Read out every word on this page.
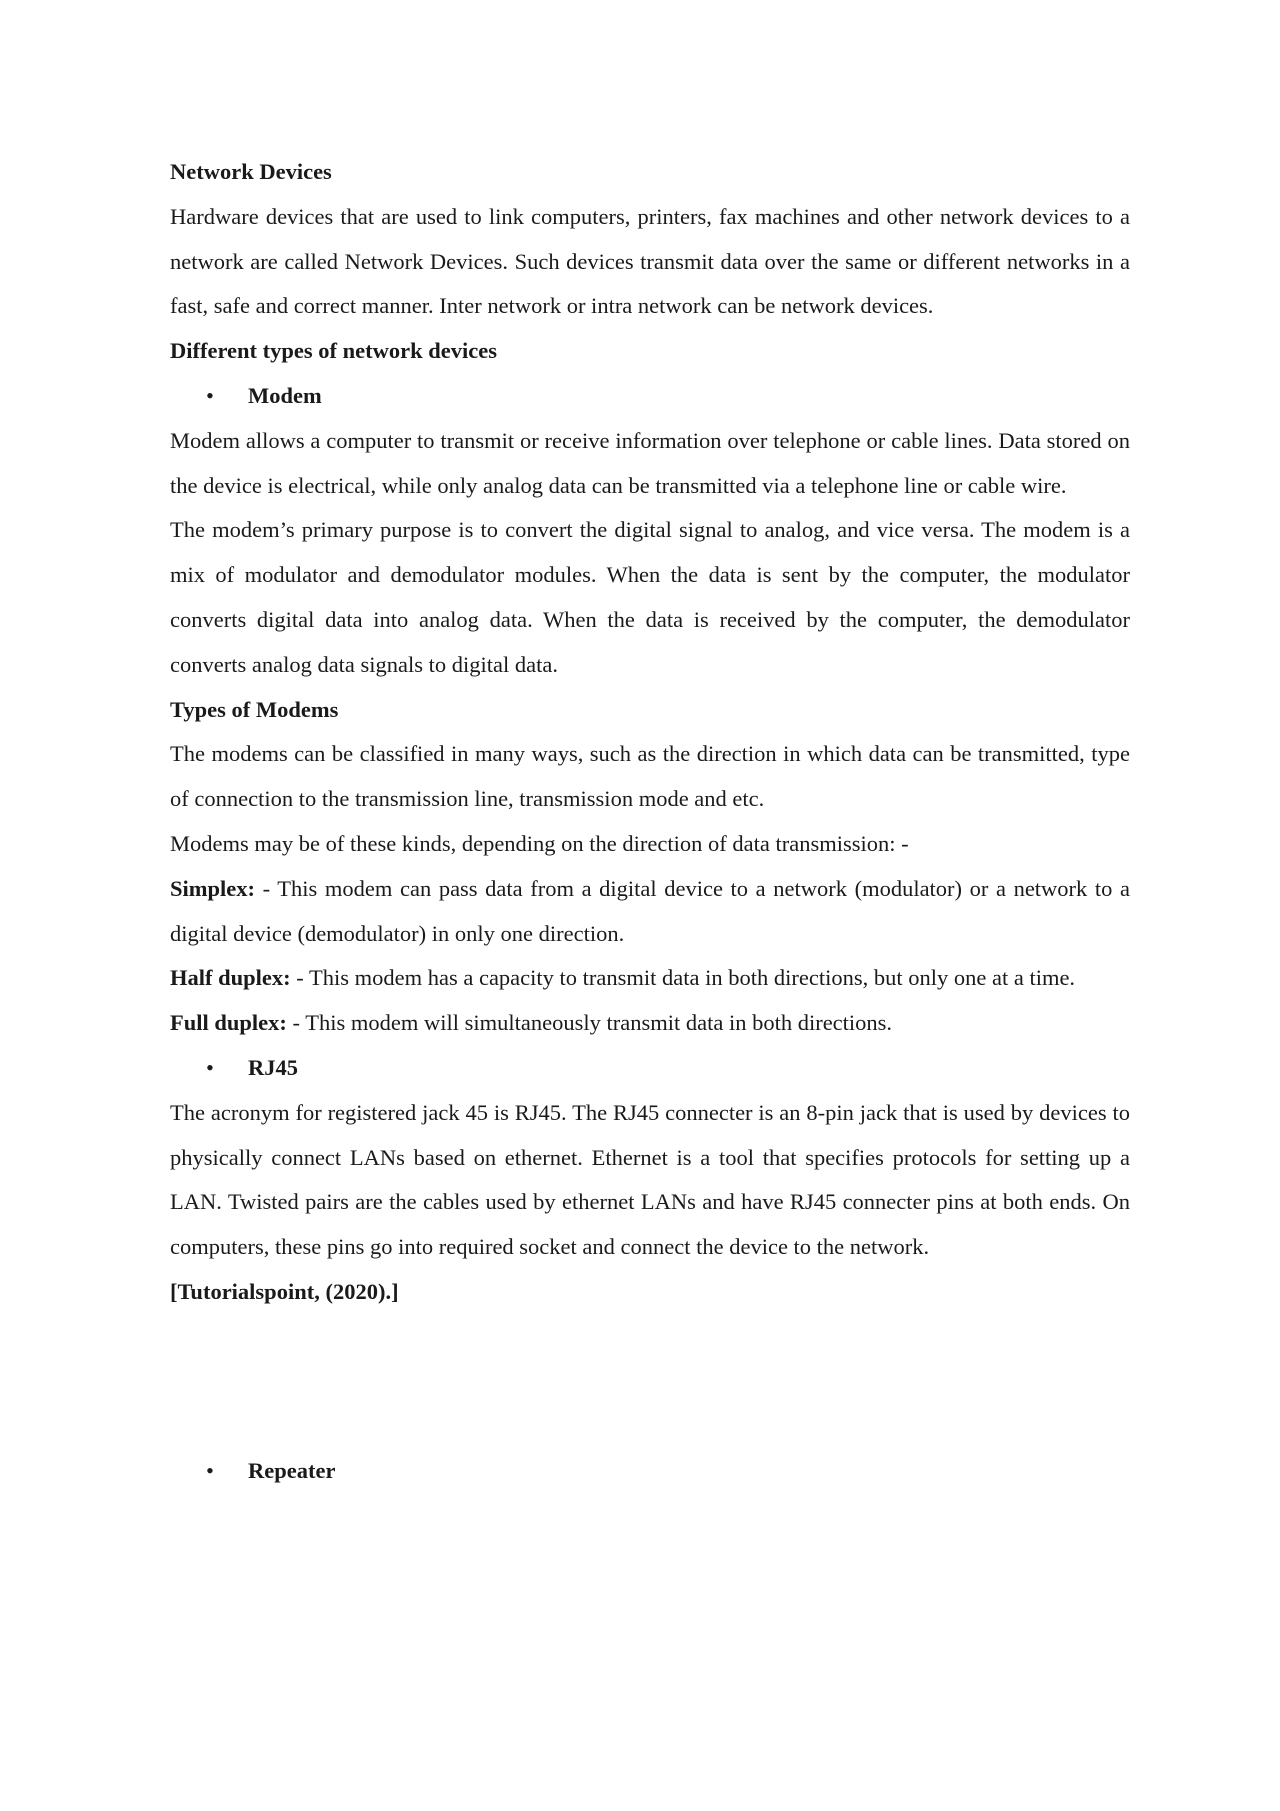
Network Devices

Hardware devices that are used to link computers, printers, fax machines and other network devices to a network are called Network Devices. Such devices transmit data over the same or different networks in a fast, safe and correct manner. Inter network or intra network can be network devices.

Different types of network devices

• Modem

Modem allows a computer to transmit or receive information over telephone or cable lines. Data stored on the device is electrical, while only analog data can be transmitted via a telephone line or cable wire.

The modem’s primary purpose is to convert the digital signal to analog, and vice versa. The modem is a mix of modulator and demodulator modules. When the data is sent by the computer, the modulator converts digital data into analog data. When the data is received by the computer, the demodulator converts analog data signals to digital data.

Types of Modems

The modems can be classified in many ways, such as the direction in which data can be transmitted, type of connection to the transmission line, transmission mode and etc.

Modems may be of these kinds, depending on the direction of data transmission: -

Simplex: - This modem can pass data from a digital device to a network (modulator) or a network to a digital device (demodulator) in only one direction.

Half duplex: - This modem has a capacity to transmit data in both directions, but only one at a time.

Full duplex: - This modem will simultaneously transmit data in both directions.

• RJ45

The acronym for registered jack 45 is RJ45. The RJ45 connecter is an 8-pin jack that is used by devices to physically connect LANs based on ethernet. Ethernet is a tool that specifies protocols for setting up a LAN. Twisted pairs are the cables used by ethernet LANs and have RJ45 connecter pins at both ends. On computers, these pins go into required socket and connect the device to the network.

[Tutorialspoint, (2020).]

• Repeater
